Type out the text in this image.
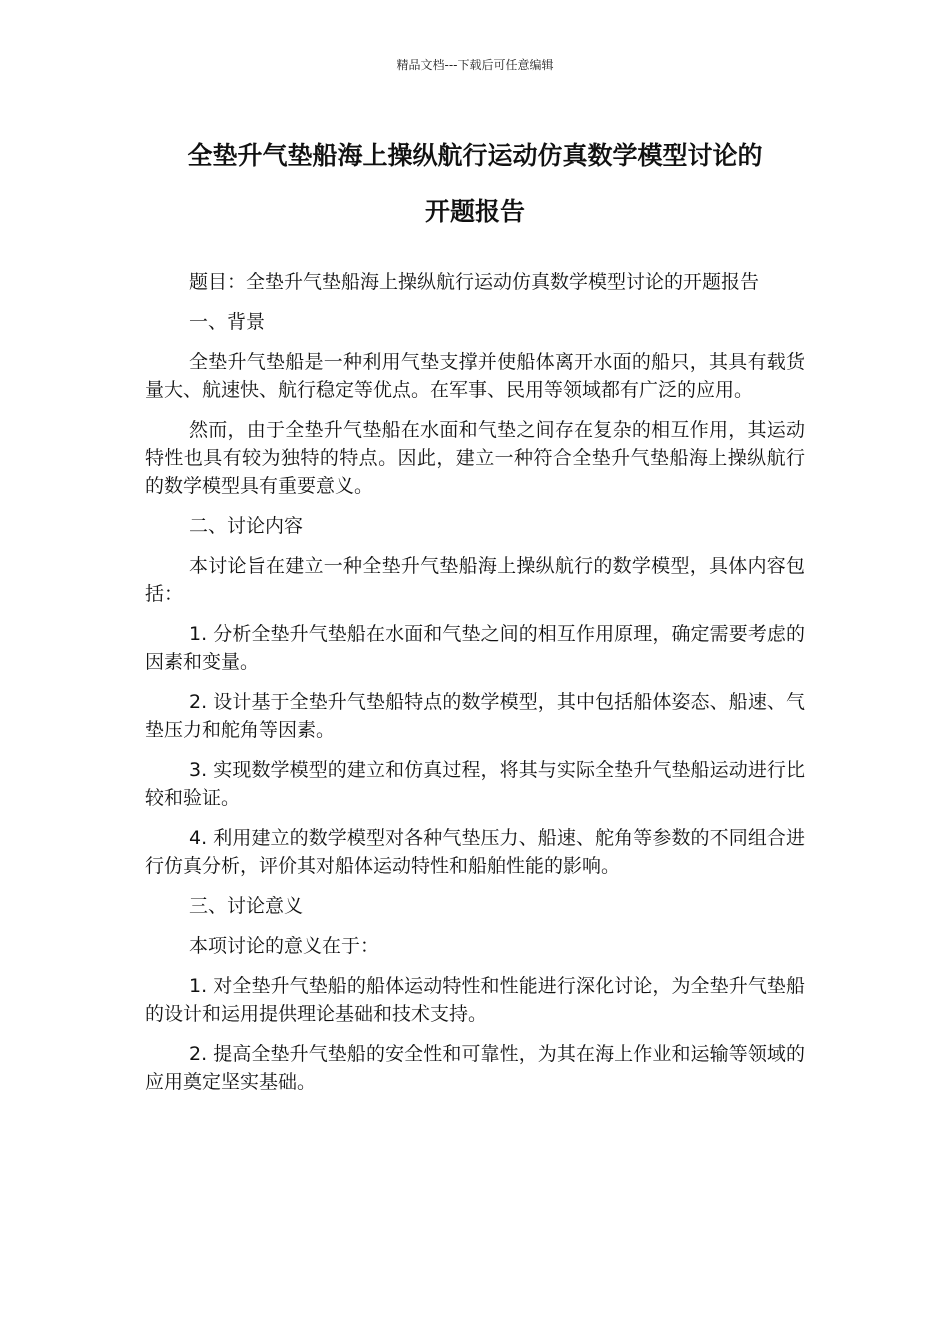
精品文档---下载后可任意编辑
全垫升气垫船海上操纵航行运动仿真数学模型讨论的
开题报告

题目：全垫升气垫船海上操纵航行运动仿真数学模型讨论的开题报告

一、背景

全垫升气垫船是一种利用气垫支撑并使船体离开水面的船只，其具有载货量大、航速快、航行稳定等优点。在军事、民用等领域都有广泛的应用。

然而，由于全垫升气垫船在水面和气垫之间存在复杂的相互作用，其运动特性也具有较为独特的特点。因此，建立一种符合全垫升气垫船海上操纵航行的数学模型具有重要意义。

二、讨论内容

本讨论旨在建立一种全垫升气垫船海上操纵航行的数学模型，具体内容包括：

1. 分析全垫升气垫船在水面和气垫之间的相互作用原理，确定需要考虑的因素和变量。

2. 设计基于全垫升气垫船特点的数学模型，其中包括船体姿态、船速、气垫压力和舵角等因素。

3. 实现数学模型的建立和仿真过程，将其与实际全垫升气垫船运动进行比较和验证。

4. 利用建立的数学模型对各种气垫压力、船速、舵角等参数的不同组合进行仿真分析，评价其对船体运动特性和船舶性能的影响。

三、讨论意义

本项讨论的意义在于：

1. 对全垫升气垫船的船体运动特性和性能进行深化讨论，为全垫升气垫船的设计和运用提供理论基础和技术支持。

2. 提高全垫升气垫船的安全性和可靠性，为其在海上作业和运输等领域的应用奠定坚实基础。
